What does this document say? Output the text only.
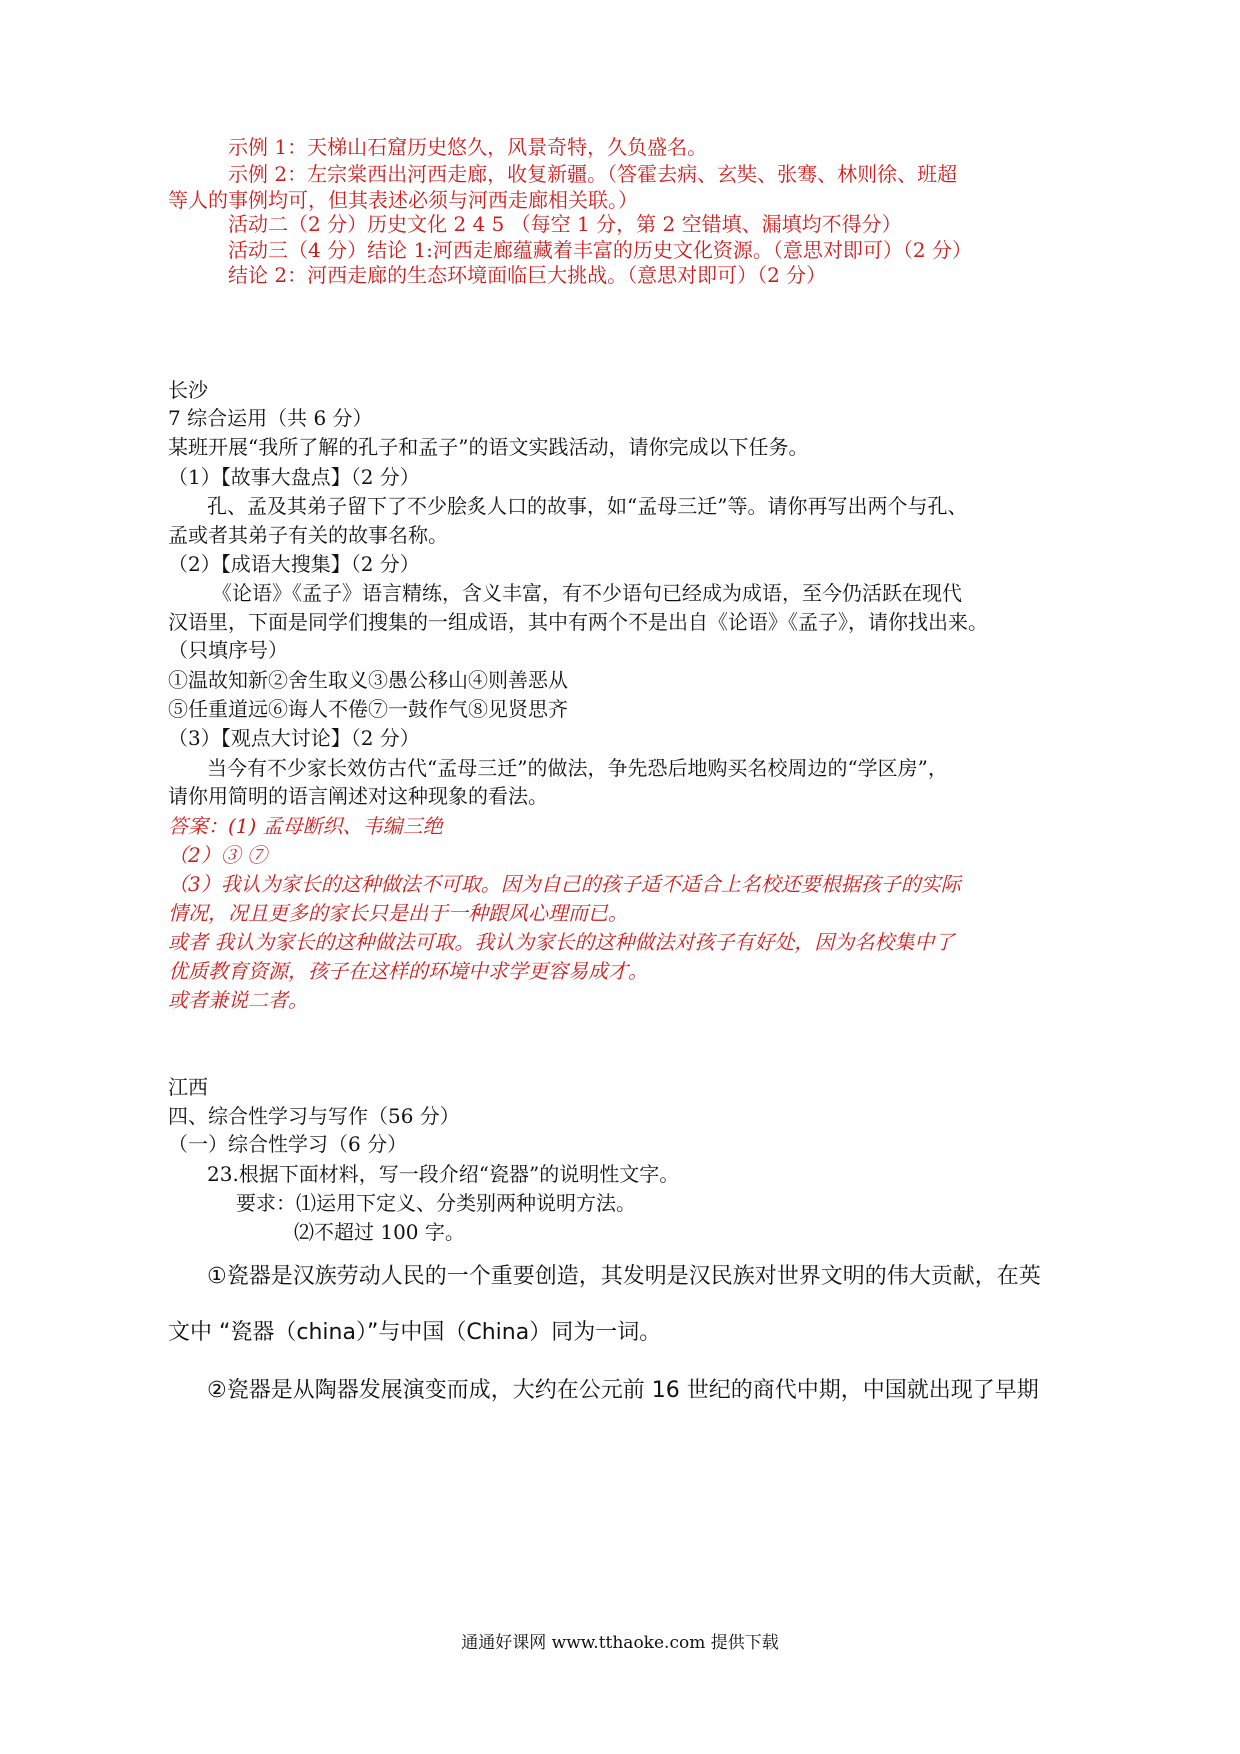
示例 1：天梯山石窟历史悠久，风景奇特，久负盛名。
示例 2：左宗棠西出河西走廊，收复新疆。（答霍去病、玄奘、张骞、林则徐、班超
等人的事例均可，但其表述必须与河西走廊相关联。）
活动二（2 分）历史文化 2 4 5 （每空 1 分，第 2 空错填、漏填均不得分）
活动三（4 分）结论 1:河西走廊蕴藏着丰富的历史文化资源。（意思对即可）（2 分）
结论 2：河西走廊的生态环境面临巨大挑战。（意思对即可）（2 分）
长沙
7 综合运用（共 6 分）
某班开展“我所了解的孔子和孟子”的语文实践活动，请你完成以下任务。
（1）【故事大盘点】（2 分）
孔、孟及其弟子留下了不少脍炙人口的故事，如“孟母三迁”等。请你再写出两个与孔、
孟或者其弟子有关的故事名称。
（2）【成语大搜集】（2 分）
《论语》《孟子》语言精练，含义丰富，有不少语句已经成为成语，至今仍活跃在现代
汉语里，下面是同学们搜集的一组成语，其中有两个不是出自《论语》《孟子》，请你找出来。
（只填序号）
①温故知新②舍生取义③愚公移山④则善恶从
⑤任重道远⑥诲人不倦⑦一鼓作气⑧见贤思齐
（3）【观点大讨论】（2 分）
当今有不少家长效仿古代“孟母三迁”的做法，争先恐后地购买名校周边的“学区房”，
请你用简明的语言阐述对这种现象的看法。
答案：(1) 孟母断织、韦编三绝
（2）③ ⑦
（3）我认为家长的这种做法不可取。因为自己的孩子适不适合上名校还要根据孩子的实际
情况，况且更多的家长只是出于一种跟风心理而已。
或者 我认为家长的这种做法可取。我认为家长的这种做法对孩子有好处，因为名校集中了
优质教育资源，孩子在这样的环境中求学更容易成才。
或者兼说二者。
江西
四、综合性学习与写作（56 分）
（一）综合性学习（6 分）
23.根据下面材料，写一段介绍“瓷器”的说明性文字。
要求：⑴运用下定义、分类别两种说明方法。
⑵不超过 100 字。
①瓷器是汉族劳动人民的一个重要创造，其发明是汉民族对世界文明的伟大贡献，在英
文中 “瓷器（china）”与中国（China）同为一词。
②瓷器是从陶器发展演变而成，大约在公元前 16 世纪的商代中期，中国就出现了早期
通通好课网 www.tthaoke.com 提供下载
